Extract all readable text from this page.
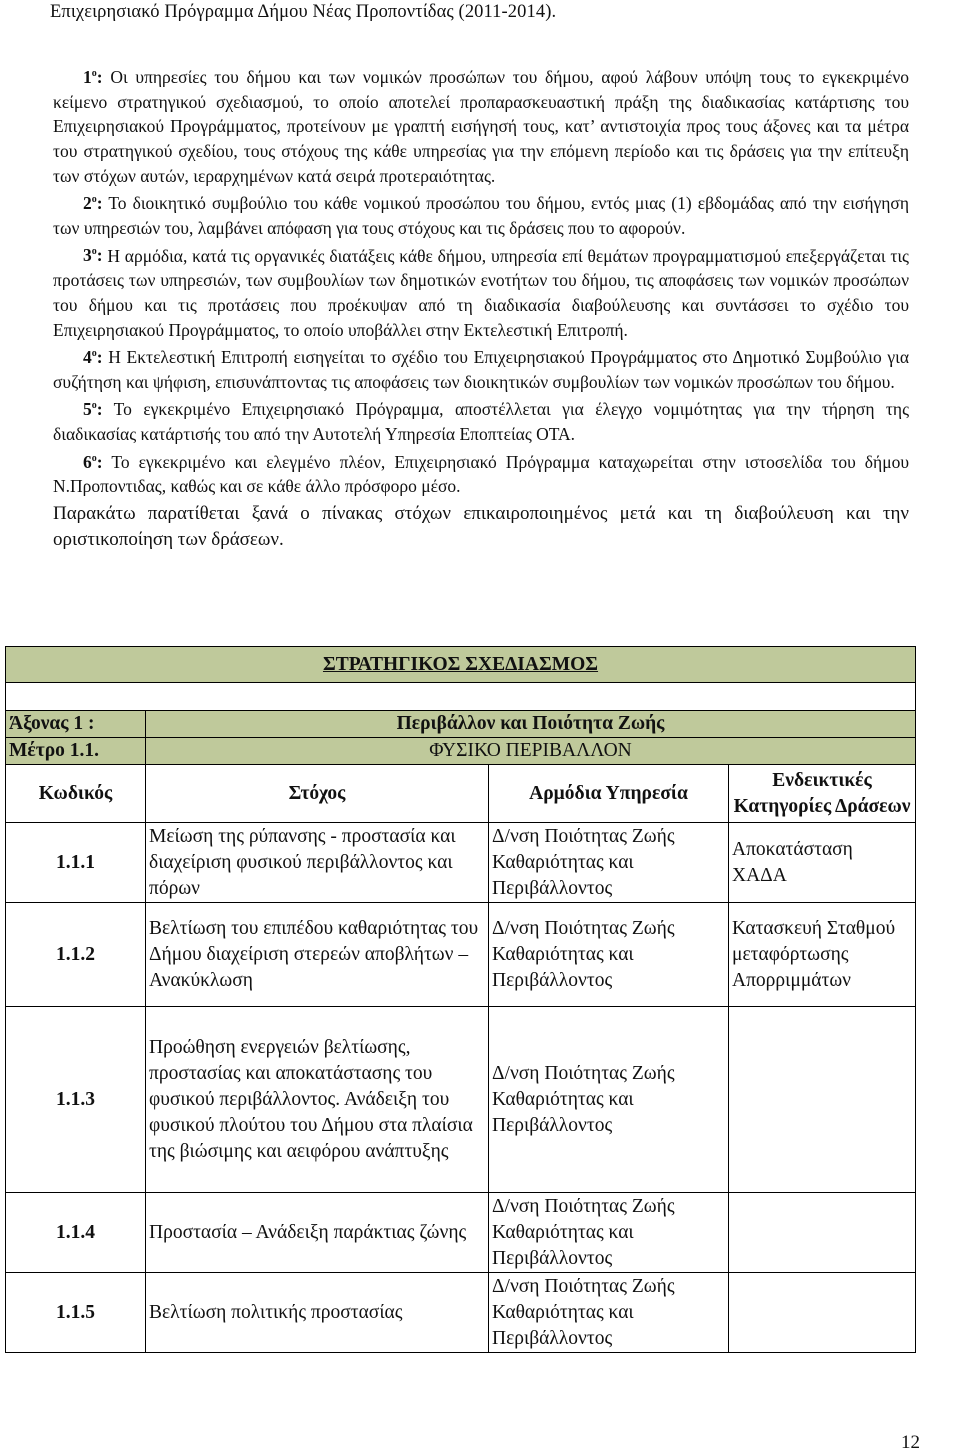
Επιχειρησιακό Πρόγραμμα Δήμου Νέας Προποντίδας (2011-2014).

$1^o$: Οι υπηρεσίες του δήμου και των νομικών προσώπων του δήμου, αφού λάβουν υπόψη τους το εγκεκριμένο κείμενο στρατηγικού σχεδιασμού, το οποίο αποτελεί προπαρασκευαστική πράξη της διαδικασίας κατάρτισης του Επιχειρησιακού Προγράμματος, προτείνουν με γραπτή εισήγησή τους, κατ’ αντιστοιχία προς τους άξονες και τα μέτρα του στρατηγικού σχεδίου, τους στόχους της κάθε υπηρεσίας για την επόμενη περίοδο και τις δράσεις για την επίτευξη των στόχων αυτών, ιεραρχημένων κατά σειρά προτεραιότητας.

$2^o$: Το διοικητικό συμβούλιο του κάθε νομικού προσώπου του δήμου, εντός μιας (1) εβδομάδας από την εισήγηση των υπηρεσιών του, λαμβάνει απόφαση για τους στόχους και τις δράσεις που το αφορούν.

$3^o$: Η αρμόδια, κατά τις οργανικές διατάξεις κάθε δήμου, υπηρεσία επί θεμάτων προγραμματισμού επεξεργάζεται τις προτάσεις των υπηρεσιών, των συμβουλίων των δημοτικών ενοτήτων του δήμου, τις αποφάσεις των νομικών προσώπων του δήμου και τις προτάσεις που προέκυψαν από τη διαδικασία διαβούλευσης και συντάσσει το σχέδιο του Επιχειρησιακού Προγράμματος, το οποίο υποβάλλει στην Εκτελεστική Επιτροπή.

$4^o$: Η Εκτελεστική Επιτροπή εισηγείται το σχέδιο του Επιχειρησιακού Προγράμματος στο Δημοτικό Συμβούλιο για συζήτηση και ψήφιση, επισυνάπτοντας τις αποφάσεις των διοικητικών συμβουλίων των νομικών προσώπων του δήμου.

$5^o$: Το εγκεκριμένο Επιχειρησιακό Πρόγραμμα, αποστέλλεται για έλεγχο νομιμότητας για την τήρηση της διαδικασίας κατάρτισής του από την Αυτοτελή Υπηρεσία Εποπτείας ΟΤΑ.

$6^o$: Το εγκεκριμένο και ελεγμένο πλέον, Επιχειρησιακό Πρόγραμμα καταχωρείται στην ιστοσελίδα του δήμου Ν.Προποντιδας, καθώς και σε κάθε άλλο πρόσφορο μέσο.

Παρακάτω παρατίθεται ξανά ο πίνακας στόχων επικαιροποιημένος μετά και τη διαβούλευση και την οριστικοποίηση των δράσεων.

ΣΤΡΑΤΗΓΙΚΟΣ ΣΧΕΔΙΑΣΜΟΣ			

Άξονας 1 :	Περιβάλλον και Ποιότητα Ζωής		
Μέτρο 1.1.	ΦΥΣΙΚΟ ΠΕΡΙΒΑΛΛΟΝ		
Κωδικός	Στόχος	Αρμόδια Υπηρεσία	Ενδεικτικές Κατηγορίες Δράσεων
1.1.1	Μείωση της ρύπανσης - προστασία και διαχείριση φυσικού περιβάλλοντος και πόρων	Δ/νση Ποιότητας Ζωής Καθαριότητας και Περιβάλλοντος	Αποκατάσταση ΧΑΔΑ
1.1.2	Βελτίωση του επιπέδου καθαριότητας του Δήμου διαχείριση στερεών αποβλήτων – Ανακύκλωση	Δ/νση Ποιότητας Ζωής Καθαριότητας και Περιβάλλοντος	Κατασκευή Σταθμού μεταφόρτωσης Απορριμμάτων
1.1.3	Προώθηση ενεργειών βελτίωσης, προστασίας και αποκατάστασης του φυσικού περιβάλλοντος. Ανάδειξη του φυσικού πλούτου του Δήμου στα πλαίσια της βιώσιμης και αειφόρου ανάπτυξης	Δ/νση Ποιότητας Ζωής Καθαριότητας και Περιβάλλοντος	
1.1.4	Προστασία – Ανάδειξη παράκτιας ζώνης	Δ/νση Ποιότητας Ζωής Καθαριότητας και Περιβάλλοντος	
1.1.5	Βελτίωση πολιτικής προστασίας	Δ/νση Ποιότητας Ζωής Καθαριότητας και Περιβάλλοντος	
12
